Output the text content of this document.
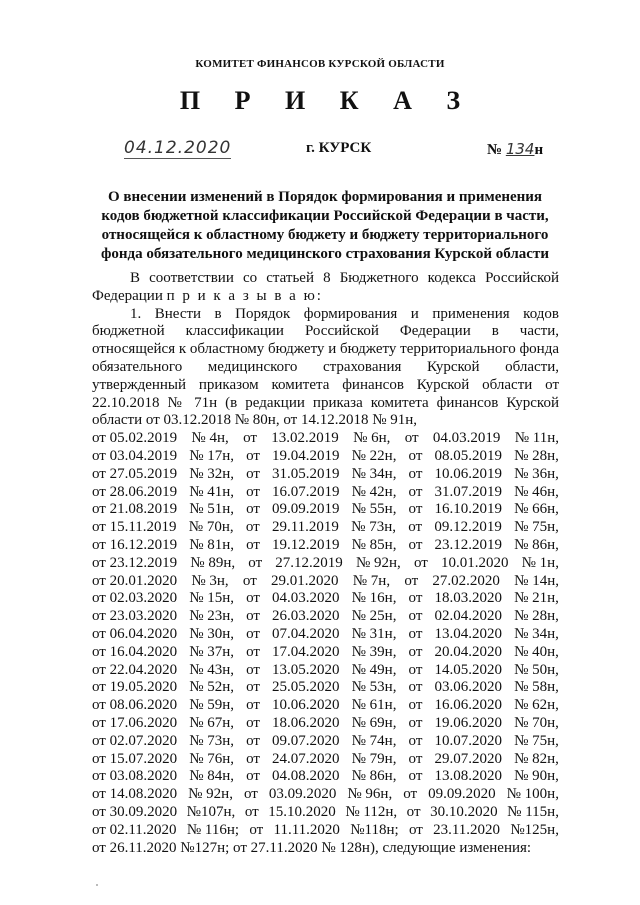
КОМИТЕТ ФИНАНСОВ КУРСКОЙ ОБЛАСТИ
П Р И К А З
04.12.2020	г. КУРСК	№ 134н
О внесении изменений в Порядок формирования и применения кодов бюджетной классификации Российской Федерации в части, относящейся к областному бюджету и бюджету территориального фонда обязательного медицинского страхования Курской области

В соответствии со статьей 8 Бюджетного кодекса Российской Федерации п р и к а з ы в а ю:

1. Внести в Порядок формирования и применения кодов бюджетной классификации Российской Федерации в части, относящейся к областному бюджету и бюджету территориального фонда обязательного медицинского страхования Курской области, утвержденный приказом комитета финансов Курской области от 22.10.2018 № 71н (в редакции приказа комитета финансов Курской области от 03.12.2018 № 80н, от 14.12.2018 № 91н,

от 05.02.2019 № 4н, от 13.02.2019 № 6н, от 04.03.2019 № 11н,
от 03.04.2019 № 17н, от 19.04.2019 № 22н, от 08.05.2019 № 28н,
от 27.05.2019 № 32н, от 31.05.2019 № 34н, от 10.06.2019 № 36н,
от 28.06.2019 № 41н, от 16.07.2019 № 42н, от 31.07.2019 № 46н,
от 21.08.2019 № 51н, от 09.09.2019 № 55н, от 16.10.2019 № 66н,
от 15.11.2019 № 70н, от 29.11.2019 № 73н, от 09.12.2019 № 75н,
от 16.12.2019 № 81н, от 19.12.2019 № 85н, от 23.12.2019 № 86н,
от 23.12.2019 № 89н, от 27.12.2019 № 92н, от 10.01.2020 № 1н,
от 20.01.2020 № 3н, от 29.01.2020 № 7н, от 27.02.2020 № 14н,
от 02.03.2020 № 15н, от 04.03.2020 № 16н, от 18.03.2020 № 21н,
от 23.03.2020 № 23н, от 26.03.2020 № 25н, от 02.04.2020 № 28н,
от 06.04.2020 № 30н, от 07.04.2020 № 31н, от 13.04.2020 № 34н,
от 16.04.2020 № 37н, от 17.04.2020 № 39н, от 20.04.2020 № 40н,
от 22.04.2020 № 43н, от 13.05.2020 № 49н, от 14.05.2020 № 50н,
от 19.05.2020 № 52н, от 25.05.2020 № 53н, от 03.06.2020 № 58н,
от 08.06.2020 № 59н, от 10.06.2020 № 61н, от 16.06.2020 № 62н,
от 17.06.2020 № 67н, от 18.06.2020 № 69н, от 19.06.2020 № 70н,
от 02.07.2020 № 73н, от 09.07.2020 № 74н, от 10.07.2020 № 75н,
от 15.07.2020 № 76н, от 24.07.2020 № 79н, от 29.07.2020 № 82н,
от 03.08.2020 № 84н, от 04.08.2020 № 86н, от 13.08.2020 № 90н,
от 14.08.2020 № 92н, от 03.09.2020 № 96н, от 09.09.2020 № 100н,
от 30.09.2020 №107н, от 15.10.2020 № 112н, от 30.10.2020 № 115н,
от 02.11.2020 № 116н; от 11.11.2020 №118н; от 23.11.2020 №125н,

от 26.11.2020 №127н; от 27.11.2020 № 128н), следующие изменения:
